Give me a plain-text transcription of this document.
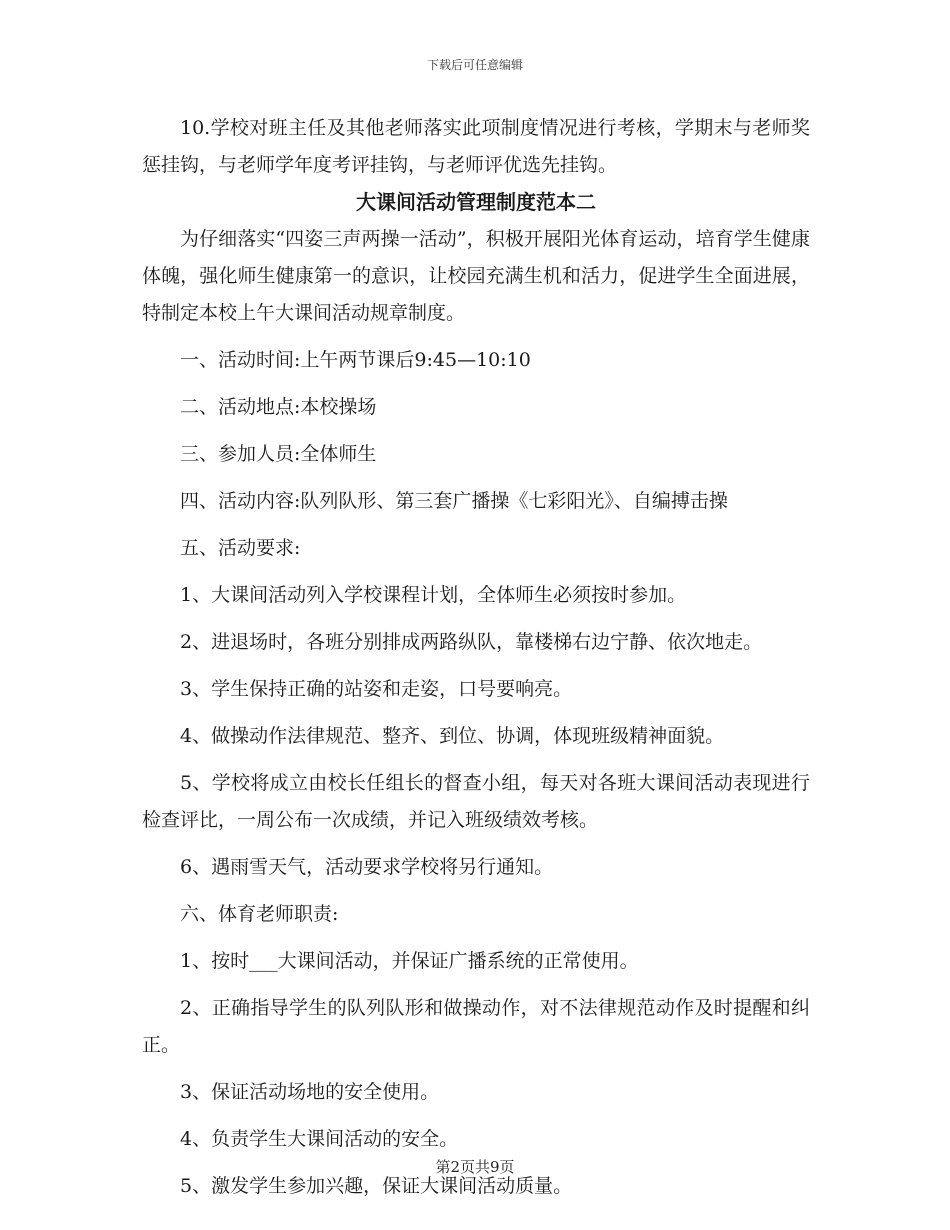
下载后可任意编辑

10.学校对班主任及其他老师落实此项制度情况进行考核，学期末与老师奖惩挂钩，与老师学年度考评挂钩，与老师评优选先挂钩。

大课间活动管理制度范本二

为仔细落实“四姿三声两操一活动”，积极开展阳光体育运动，培育学生健康体魄，强化师生健康第一的意识，让校园充满生机和活力，促进学生全面进展，特制定本校上午大课间活动规章制度。

一、活动时间:上午两节课后9:45—10:10

二、活动地点:本校操场

三、参加人员:全体师生

四、活动内容:队列队形、第三套广播操《七彩阳光》、自编搏击操

五、活动要求:

1、大课间活动列入学校课程计划，全体师生必须按时参加。

2、进退场时，各班分别排成两路纵队，靠楼梯右边宁静、依次地走。

3、学生保持正确的站姿和走姿，口号要响亮。

4、做操动作法律规范、整齐、到位、协调，体现班级精神面貌。

5、学校将成立由校长任组长的督查小组，每天对各班大课间活动表现进行检查评比，一周公布一次成绩，并记入班级绩效考核。

6、遇雨雪天气，活动要求学校将另行通知。

六、体育老师职责:

1、按时___大课间活动，并保证广播系统的正常使用。

2、正确指导学生的队列队形和做操动作，对不法律规范动作及时提醒和纠正。

3、保证活动场地的安全使用。

4、负责学生大课间活动的安全。

5、激发学生参加兴趣，保证大课间活动质量。

第2页共9页
